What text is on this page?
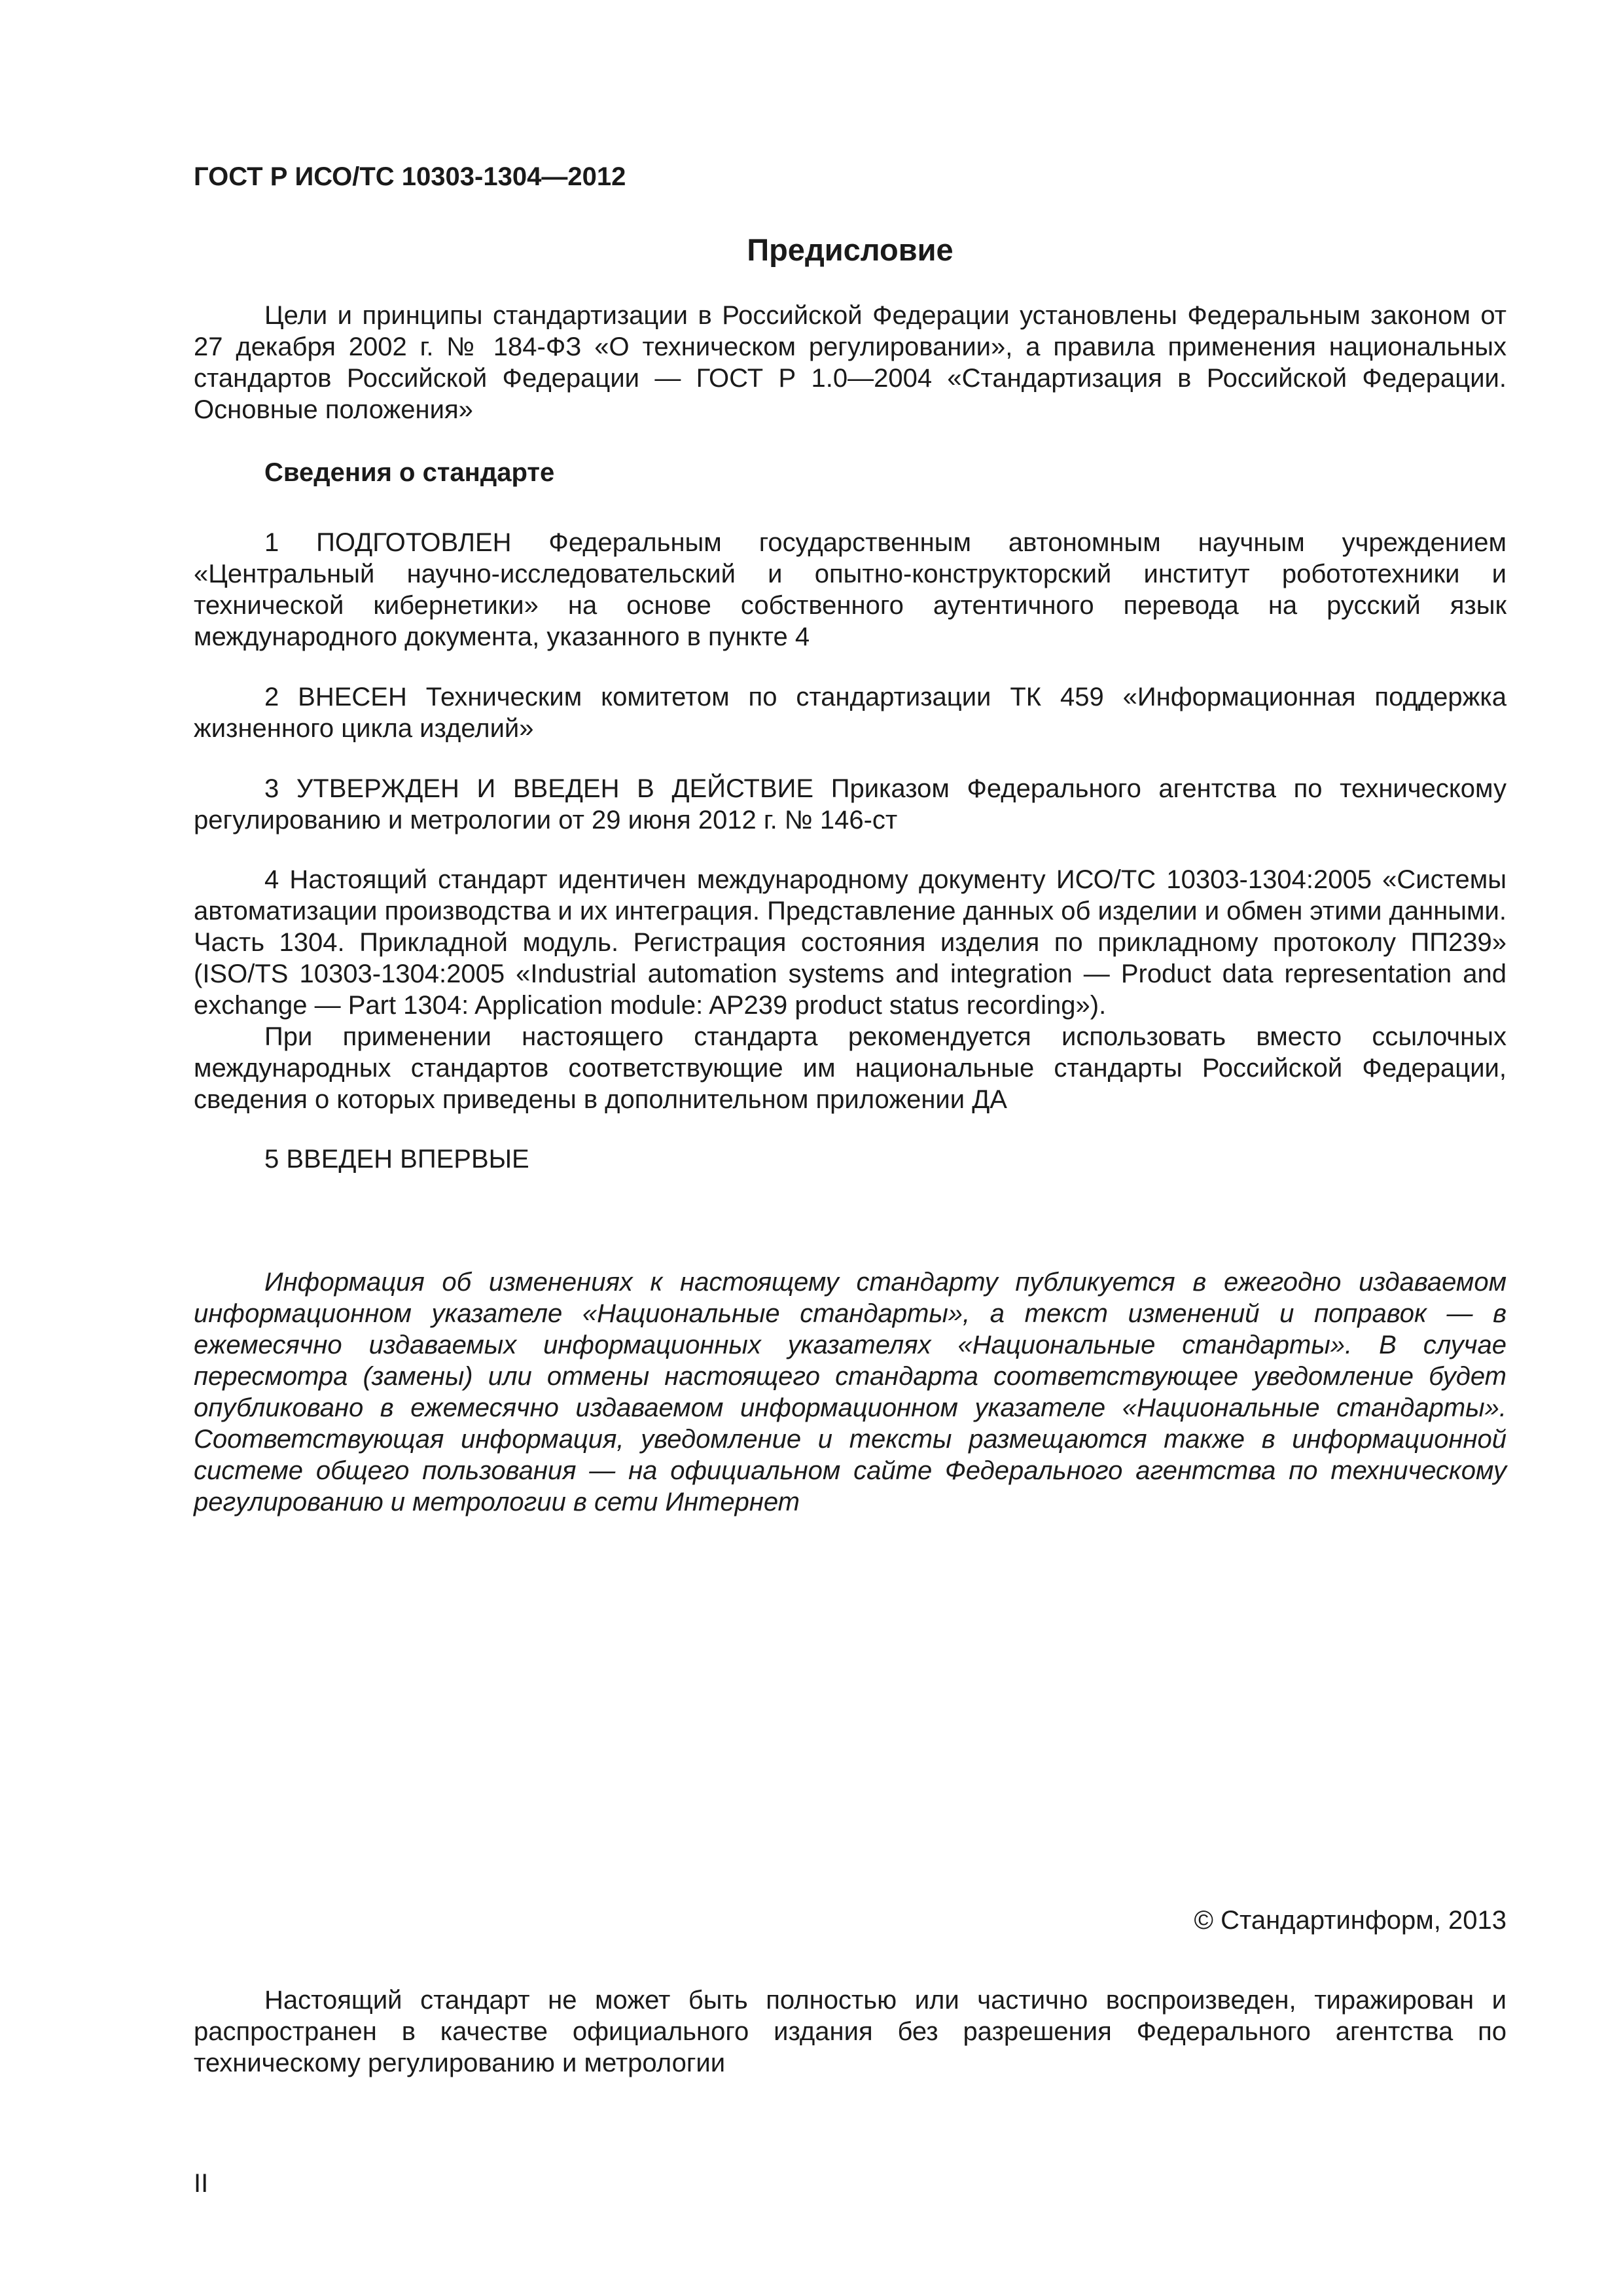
ГОСТ Р ИСО/ТС 10303-1304—2012

Предисловие

Цели и принципы стандартизации в Российской Федерации установлены Федеральным законом от 27 декабря 2002 г. № 184-ФЗ «О техническом регулировании», а правила применения национальных стандартов Российской Федерации — ГОСТ Р 1.0—2004 «Стандартизация в Российской Федерации. Основные положения»

Сведения о стандарте

1 ПОДГОТОВЛЕН Федеральным государственным автономным научным учреждением «Центральный научно-исследовательский и опытно-конструкторский институт робототехники и технической кибернетики» на основе собственного аутентичного перевода на русский язык международного документа, указанного в пункте 4

2 ВНЕСЕН Техническим комитетом по стандартизации ТК 459 «Информационная поддержка жизненного цикла изделий»

3 УТВЕРЖДЕН И ВВЕДЕН В ДЕЙСТВИЕ Приказом Федерального агентства по техническому регулированию и метрологии от 29 июня 2012 г. № 146-ст

4 Настоящий стандарт идентичен международному документу ИСО/ТС 10303-1304:2005 «Системы автоматизации производства и их интеграция. Представление данных об изделии и обмен этими данными. Часть 1304. Прикладной модуль. Регистрация состояния изделия по прикладному протоколу ПП239» (ISO/TS 10303-1304:2005 «Industrial automation systems and integration — Product data representation and exchange — Part 1304: Application module: AP239 product status recording»).

При применении настоящего стандарта рекомендуется использовать вместо ссылочных международных стандартов соответствующие им национальные стандарты Российской Федерации, сведения о которых приведены в дополнительном приложении ДА

5 ВВЕДЕН ВПЕРВЫЕ

Информация об изменениях к настоящему стандарту публикуется в ежегодно издаваемом информационном указателе «Национальные стандарты», а текст изменений и поправок — в ежемесячно издаваемых информационных указателях «Национальные стандарты». В случае пересмотра (замены) или отмены настоящего стандарта соответствующее уведомление будет опубликовано в ежемесячно издаваемом информационном указателе «Национальные стандарты». Соответствующая информация, уведомление и тексты размещаются также в информационной системе общего пользования — на официальном сайте Федерального агентства по техническому регулированию и метрологии в сети Интернет

© Стандартинформ, 2013

Настоящий стандарт не может быть полностью или частично воспроизведен, тиражирован и распространен в качестве официального издания без разрешения Федерального агентства по техническому регулированию и метрологии

II
